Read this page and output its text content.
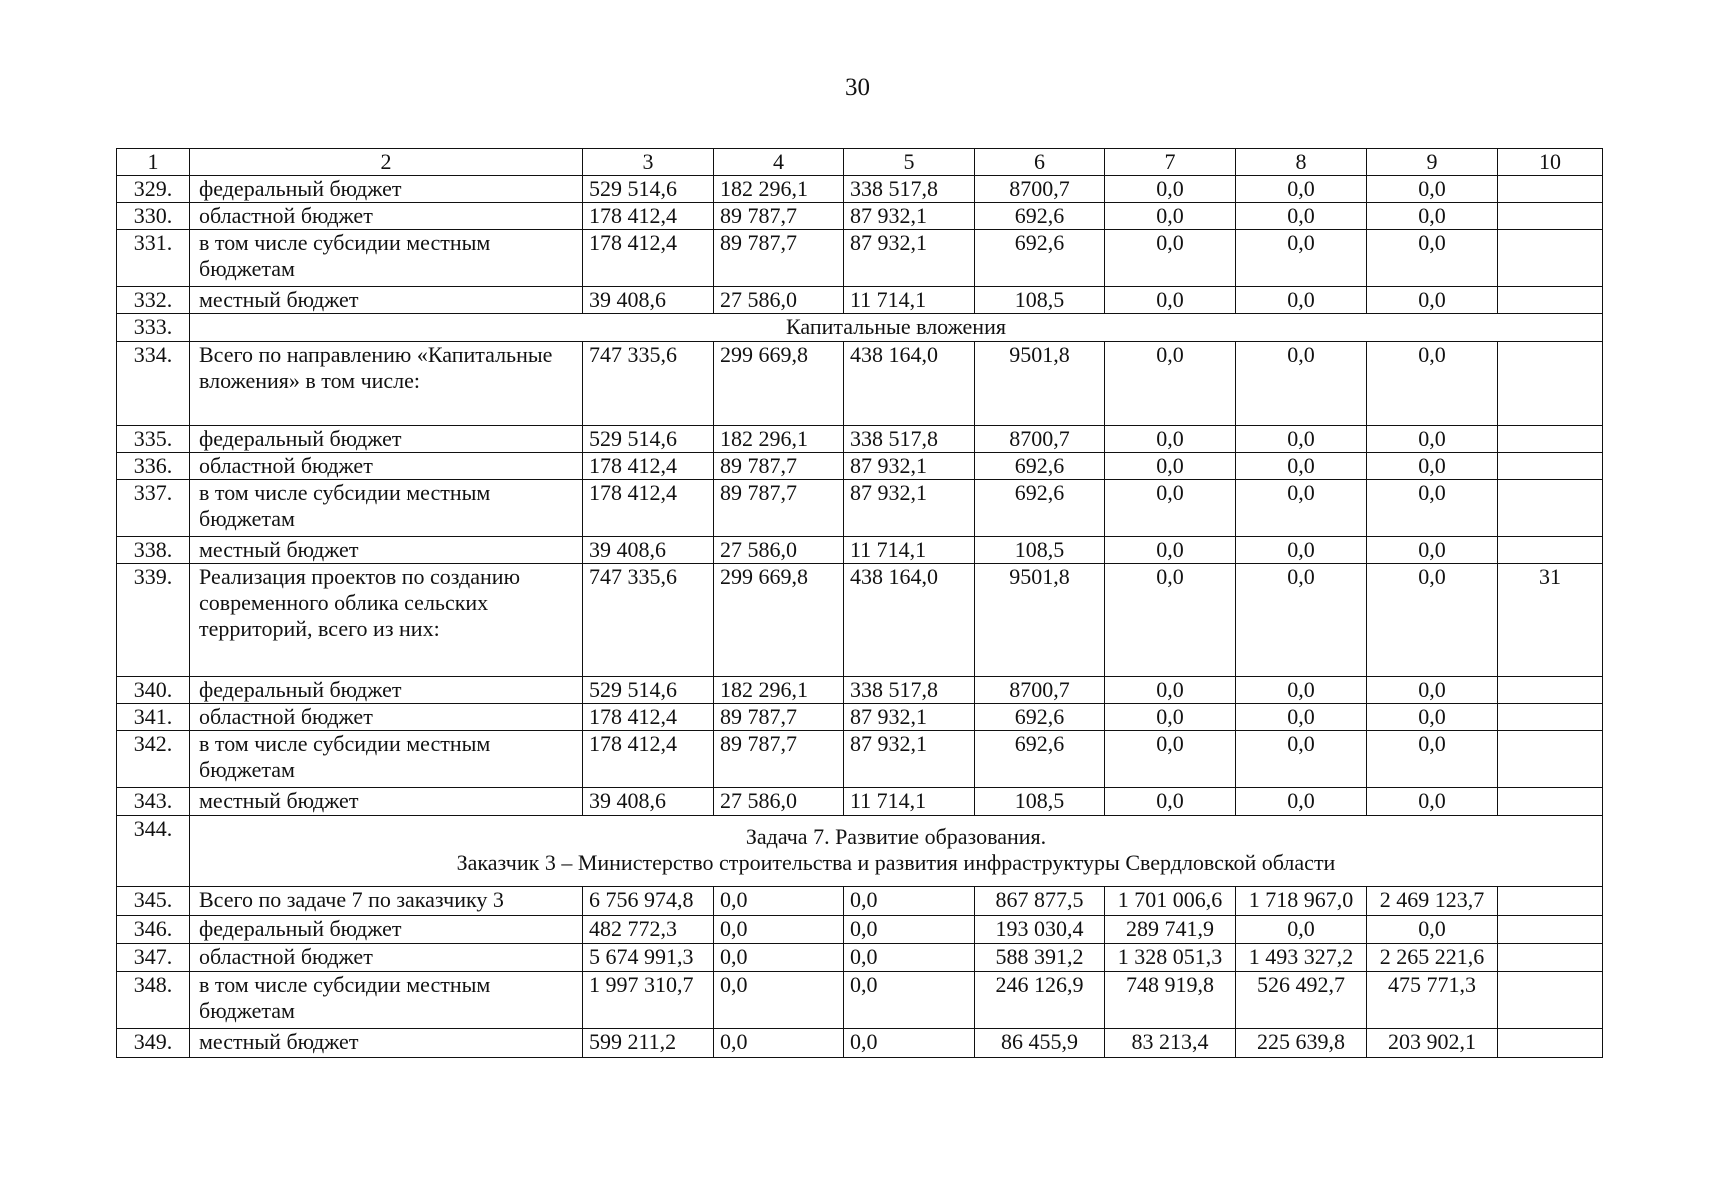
30
1	2	3	4	5	6	7	8	9	10
329.	федеральный бюджет	529 514,6	182 296,1	338 517,8	8700,7	0,0	0,0	0,0	
330.	областной бюджет	178 412,4	89 787,7	87 932,1	692,6	0,0	0,0	0,0	
331.	в том числе субсидии местным бюджетам	178 412,4	89 787,7	87 932,1	692,6	0,0	0,0	0,0	
332.	местный бюджет	39 408,6	27 586,0	11 714,1	108,5	0,0	0,0	0,0	
333.	Капитальные вложения								
334.	Всего по направлению «Капитальные вложения» в том числе:	747 335,6	299 669,8	438 164,0	9501,8	0,0	0,0	0,0	
335.	федеральный бюджет	529 514,6	182 296,1	338 517,8	8700,7	0,0	0,0	0,0	
336.	областной бюджет	178 412,4	89 787,7	87 932,1	692,6	0,0	0,0	0,0	
337.	в том числе субсидии местным бюджетам	178 412,4	89 787,7	87 932,1	692,6	0,0	0,0	0,0	
338.	местный бюджет	39 408,6	27 586,0	11 714,1	108,5	0,0	0,0	0,0	
339.	Реализация проектов по созданию современного облика сельских территорий, всего из них:	747 335,6	299 669,8	438 164,0	9501,8	0,0	0,0	0,0	31
340.	федеральный бюджет	529 514,6	182 296,1	338 517,8	8700,7	0,0	0,0	0,0	
341.	областной бюджет	178 412,4	89 787,7	87 932,1	692,6	0,0	0,0	0,0	
342.	в том числе субсидии местным бюджетам	178 412,4	89 787,7	87 932,1	692,6	0,0	0,0	0,0	
343.	местный бюджет	39 408,6	27 586,0	11 714,1	108,5	0,0	0,0	0,0	
344.	Задача 7. Развитие образования.
Заказчик 3 – Министерство строительства и развития инфраструктуры Свердловской области								

345.	Всего по задаче 7 по заказчику 3	6 756 974,8	0,0	0,0	867 877,5	1 701 006,6	1 718 967,0	2 469 123,7	
346.	федеральный бюджет	482 772,3	0,0	0,0	193 030,4	289 741,9	0,0	0,0	
347.	областной бюджет	5 674 991,3	0,0	0,0	588 391,2	1 328 051,3	1 493 327,2	2 265 221,6	
348.	в том числе субсидии местным бюджетам	1 997 310,7	0,0	0,0	246 126,9	748 919,8	526 492,7	475 771,3	
349.	местный бюджет	599 211,2	0,0	0,0	86 455,9	83 213,4	225 639,8	203 902,1	
